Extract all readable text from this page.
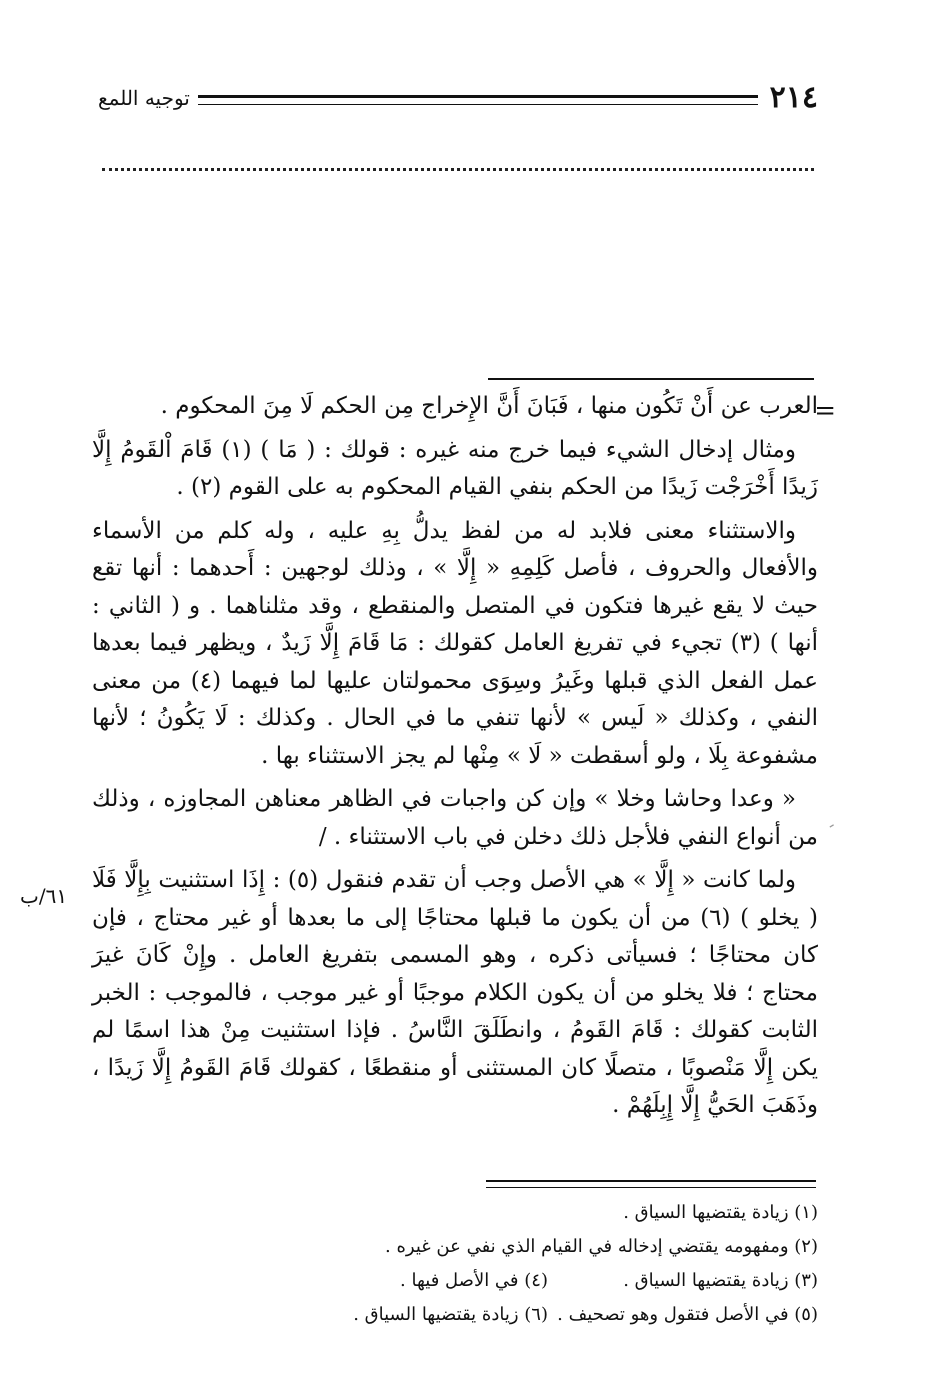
٢١٤
توجيه اللمع
=

العرب عن أَنْ تَكُون منها ، فَبَانَ أَنَّ الإِخراج مِن الحكم لَا مِنَ المحكوم .

ومثال إدخال الشيء فيما خرج منه غيره : قولك : ( مَا ) (١) قَامَ اْلقَومُ إِلَّا زَيدًا أَخْرَجْت زَيدًا من الحكم بنفي القيام المحكوم به على القوم (٢) .

والاستثناء معنى فلابد له من لفظ يدلُّ بِهِ عليه ، وله كلم من الأسماء والأفعال والحروف ، فأصل كَلِمِهِ « إِلَّا » ، وذلك لوجهين : أَحدهما : أنها تقع حيث لا يقع غيرها فتكون في المتصل والمنقطع ، وقد مثلناهما . و ( الثاني : أنها ) (٣) تجيء في تفريغ العامل كقولك : مَا قَامَ إِلَّا زَيدٌ ، ويظهر فيما بعدها عمل الفعل الذي قبلها وغَيرُ وسِوَى محمولتان عليها لما فيهما (٤) من معنى النفي ، وكذلك « لَيس » لأنها تنفي ما في الحال . وكذلك : لَا يَكُونُ ؛ لأنها مشفوعة بِلَا ، ولو أسقطت « لَا » مِنْها لم يجز الاستثناء بها .

« وعدا وحاشا وخلا » وإن كن واجبات في الظاهر معناهن المجاوزه ، وذلك من أنواع النفي فلأجل ذلك دخلن في باب الاستثناء . /

ولما كانت « إِلَّا » هي الأصل وجب أن تقدم فنقول (٥) : إِذَا استثنيت بِإِلَّا فَلَا ( يخلو ) (٦) من أن يكون ما قبلها محتاجًا إلى ما بعدها أو غير محتاج ، فإن كان محتاجًا ؛ فسيأتى ذكره ، وهو المسمى بتفريغ العامل . وإِنْ كَانَ غيرَ محتاج ؛ فلا يخلو من أن يكون الكلام موجبًا أو غير موجب ، فالموجب : الخبر الثابت كقولك : قَامَ القَومُ ، وانطَلَقَ النَّاسُ . فإذا استثنيت مِنْ هذا اسمًا لم يكن إِلَّا مَنْصوبًا ، متصلًا كان المستثنى أو منقطعًا ، كقولك قَامَ القَومُ إِلَّا زَيدًا ، وذَهَبَ الحَيُّ إِلَّا إِبِلَهُمْ .

٦١/ب
ـ
(١) زيادة يقتضيها السياق .
(٢) ومفهومه يقتضي إدخاله في القيام الذي نفي عن غيره .
(٣) زيادة يقتضيها السياق .
(٤) في الأصل فيها .
(٥) في الأصل فتقول وهو تصحيف .
(٦) زيادة يقتضيها السياق .
